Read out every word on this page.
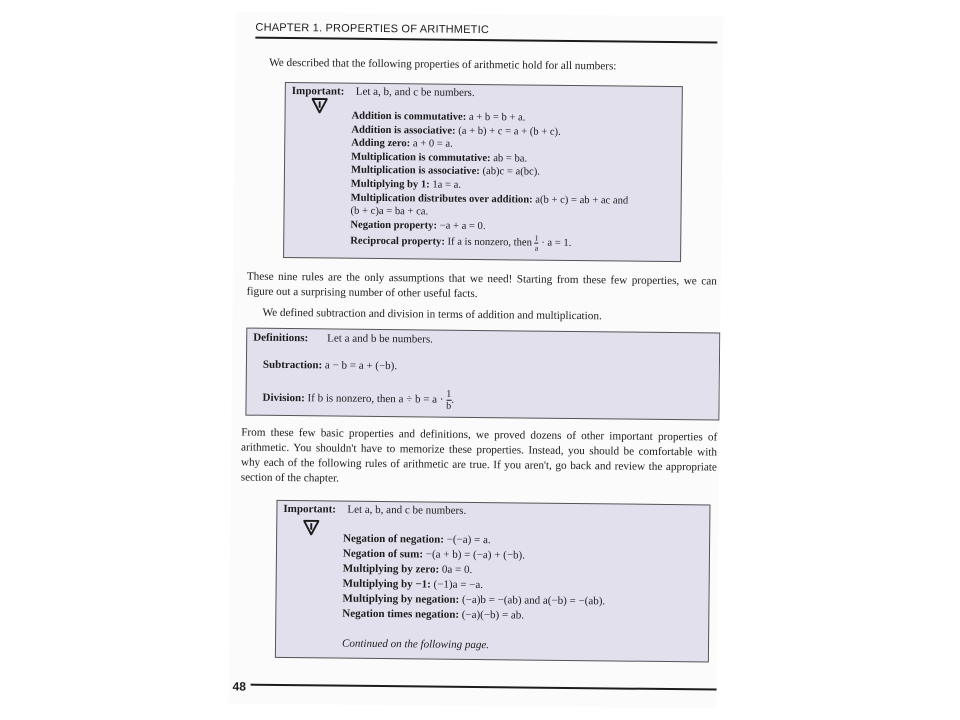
CHAPTER 1. PROPERTIES OF ARITHMETIC
We described that the following properties of arithmetic hold for all numbers:
Important: Let a, b, and c be numbers.
Addition is commutative: a + b = b + a.
Addition is associative: (a + b) + c = a + (b + c).
Adding zero: a + 0 = a.
Multiplication is commutative: ab = ba.
Multiplication is associative: (ab)c = a(bc).
Multiplying by 1: 1a = a.
Multiplication distributes over addition: a(b + c) = ab + ac and
(b + c)a = ba + ca.
Negation property: −a + a = 0.
Reciprocal property: If a is nonzero, then $\frac{1}{a} \cdot a = 1$.
These nine rules are the only assumptions that we need! Starting from these few properties, we can figure out a surprising number of other useful facts.
We defined subtraction and division in terms of addition and multiplication.
Definitions: Let a and b be numbers.
Subtraction: a − b = a + (−b).
Division: If b is nonzero, then $a \div b = a \cdot \frac{1}{b}$ .
From these few basic properties and definitions, we proved dozens of other important properties of arithmetic. You shouldn't have to memorize these properties. Instead, you should be comfortable with why each of the following rules of arithmetic are true. If you aren't, go back and review the appropriate section of the chapter.
Important: Let a, b, and c be numbers.
Negation of negation: −(−a) = a.
Negation of sum: −(a + b) = (−a) + (−b).
Multiplying by zero: 0a = 0.
Multiplying by −1: (−1)a = −a.
Multiplying by negation: (−a)b = −(ab) and a(−b) = −(ab).
Negation times negation: (−a)(−b) = ab.
Continued on the following page.
48
